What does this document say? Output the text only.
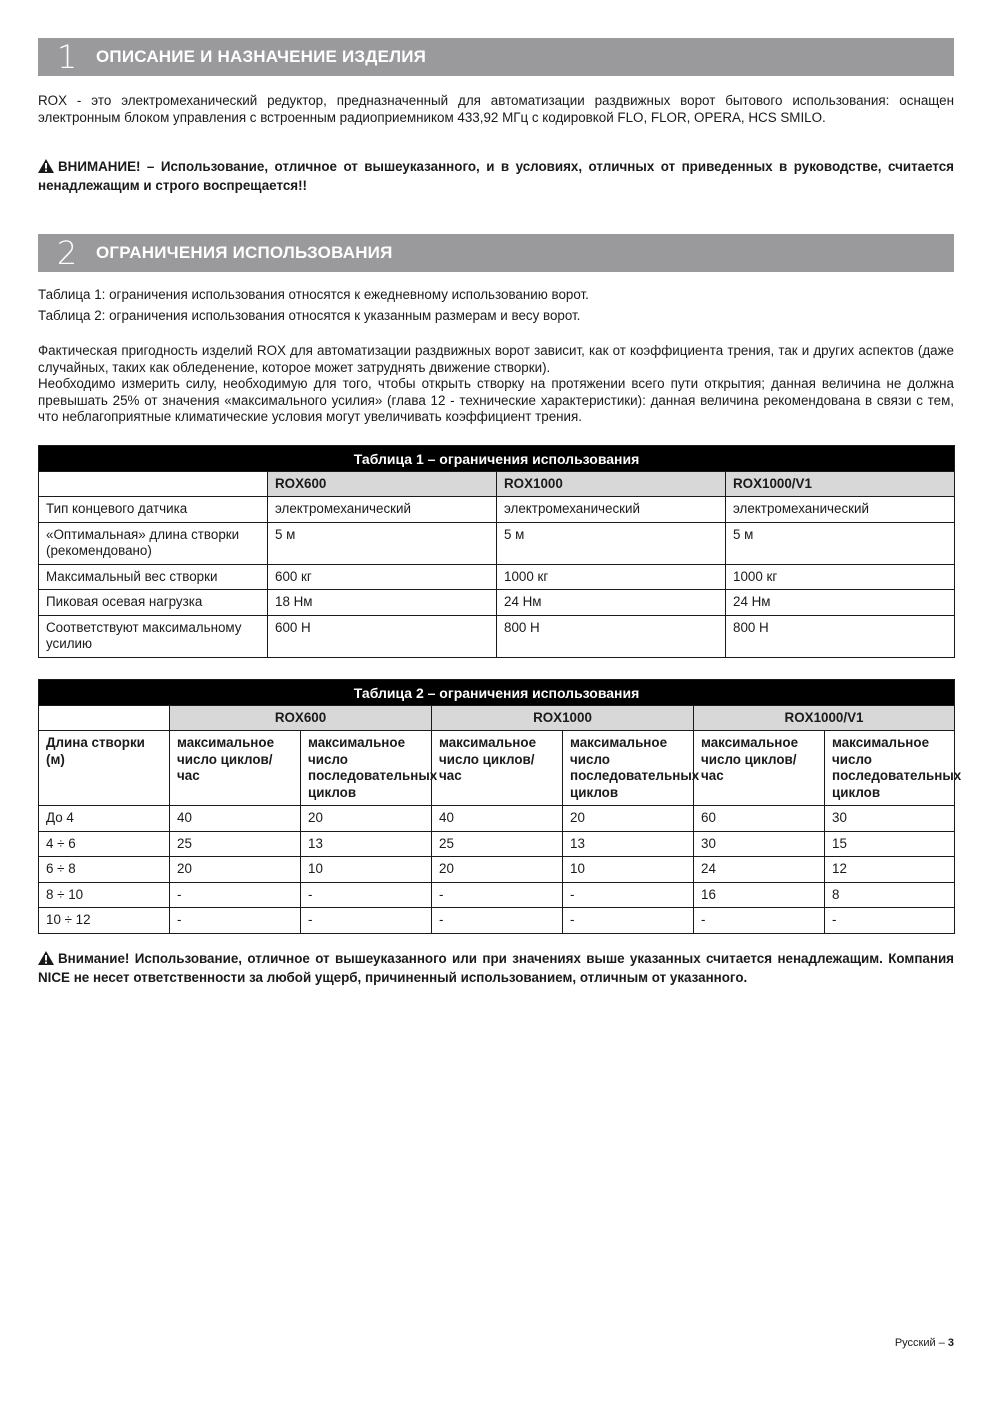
1	ОПИСАНИЕ И НАЗНАЧЕНИЕ ИЗДЕЛИЯ

ROX - это электромеханический редуктор, предназначенный для автоматизации раздвижных ворот бытового использования: оснащен электронным блоком управления с встроенным радиоприемником 433,92 МГц с кодировкой FLO, FLOR, OPERA, HCS SMILO.

ВНИМАНИЕ! – Использование, отличное от вышеуказанного, и в условиях, отличных от приведенных в руководстве, считается ненадлежащим и строго воспрещается!!

2	ОГРАНИЧЕНИЯ ИСПОЛЬЗОВАНИЯ

Таблица 1: ограничения использования относятся к ежедневному использованию ворот.

Таблица 2: ограничения использования относятся к указанным размерам и весу ворот.

Фактическая пригодность изделий ROX для автоматизации раздвижных ворот зависит, как от коэффициента трения, так и других аспектов (даже случайных, таких как обледенение, которое может затруднять движение створки).

Необходимо измерить силу, необходимую для того, чтобы открыть створку на протяжении всего пути открытия; данная величина не должна превышать 25% от значения «максимального усилия» (глава 12 - технические характеристики): данная величина рекомендована в связи с тем, что неблагоприятные климатические условия могут увеличивать коэффициент трения.

Таблица 1 – ограничения использования			
	ROX600	ROX1000	ROX1000/V1
Тип концевого датчика	электромеханический	электромеханический	электромеханический
«Оптимальная» длина створки (рекомендовано)	5 м	5 м	5 м
Максимальный вес створки	600 кг	1000 кг	1000 кг
Пиковая осевая нагрузка	18 Нм	24 Нм	24 Нм
Соответствуют максимальному усилию	600 Н	800 Н	800 Н
Таблица 2 – ограничения использования						
	ROX600		ROX1000		ROX1000/V1	
Длина створки (м)	максимальное число циклов/час	максимальное число последовательных циклов	максимальное число циклов/час	максимальное число последовательных циклов	максимальное число циклов/час	максимальное число последовательных циклов
До 4	40	20	40	20	60	30
4 ÷ 6	25	13	25	13	30	15
6 ÷ 8	20	10	20	10	24	12
8 ÷ 10	-	-	-	-	16	8
10 ÷ 12	-	-	-	-	-	-

Внимание! Использование, отличное от вышеуказанного или при значениях выше указанных считается ненадлежащим. Компания NICE не несет ответственности за любой ущерб, причиненный использованием, отличным от указанного.

Русский – 3
